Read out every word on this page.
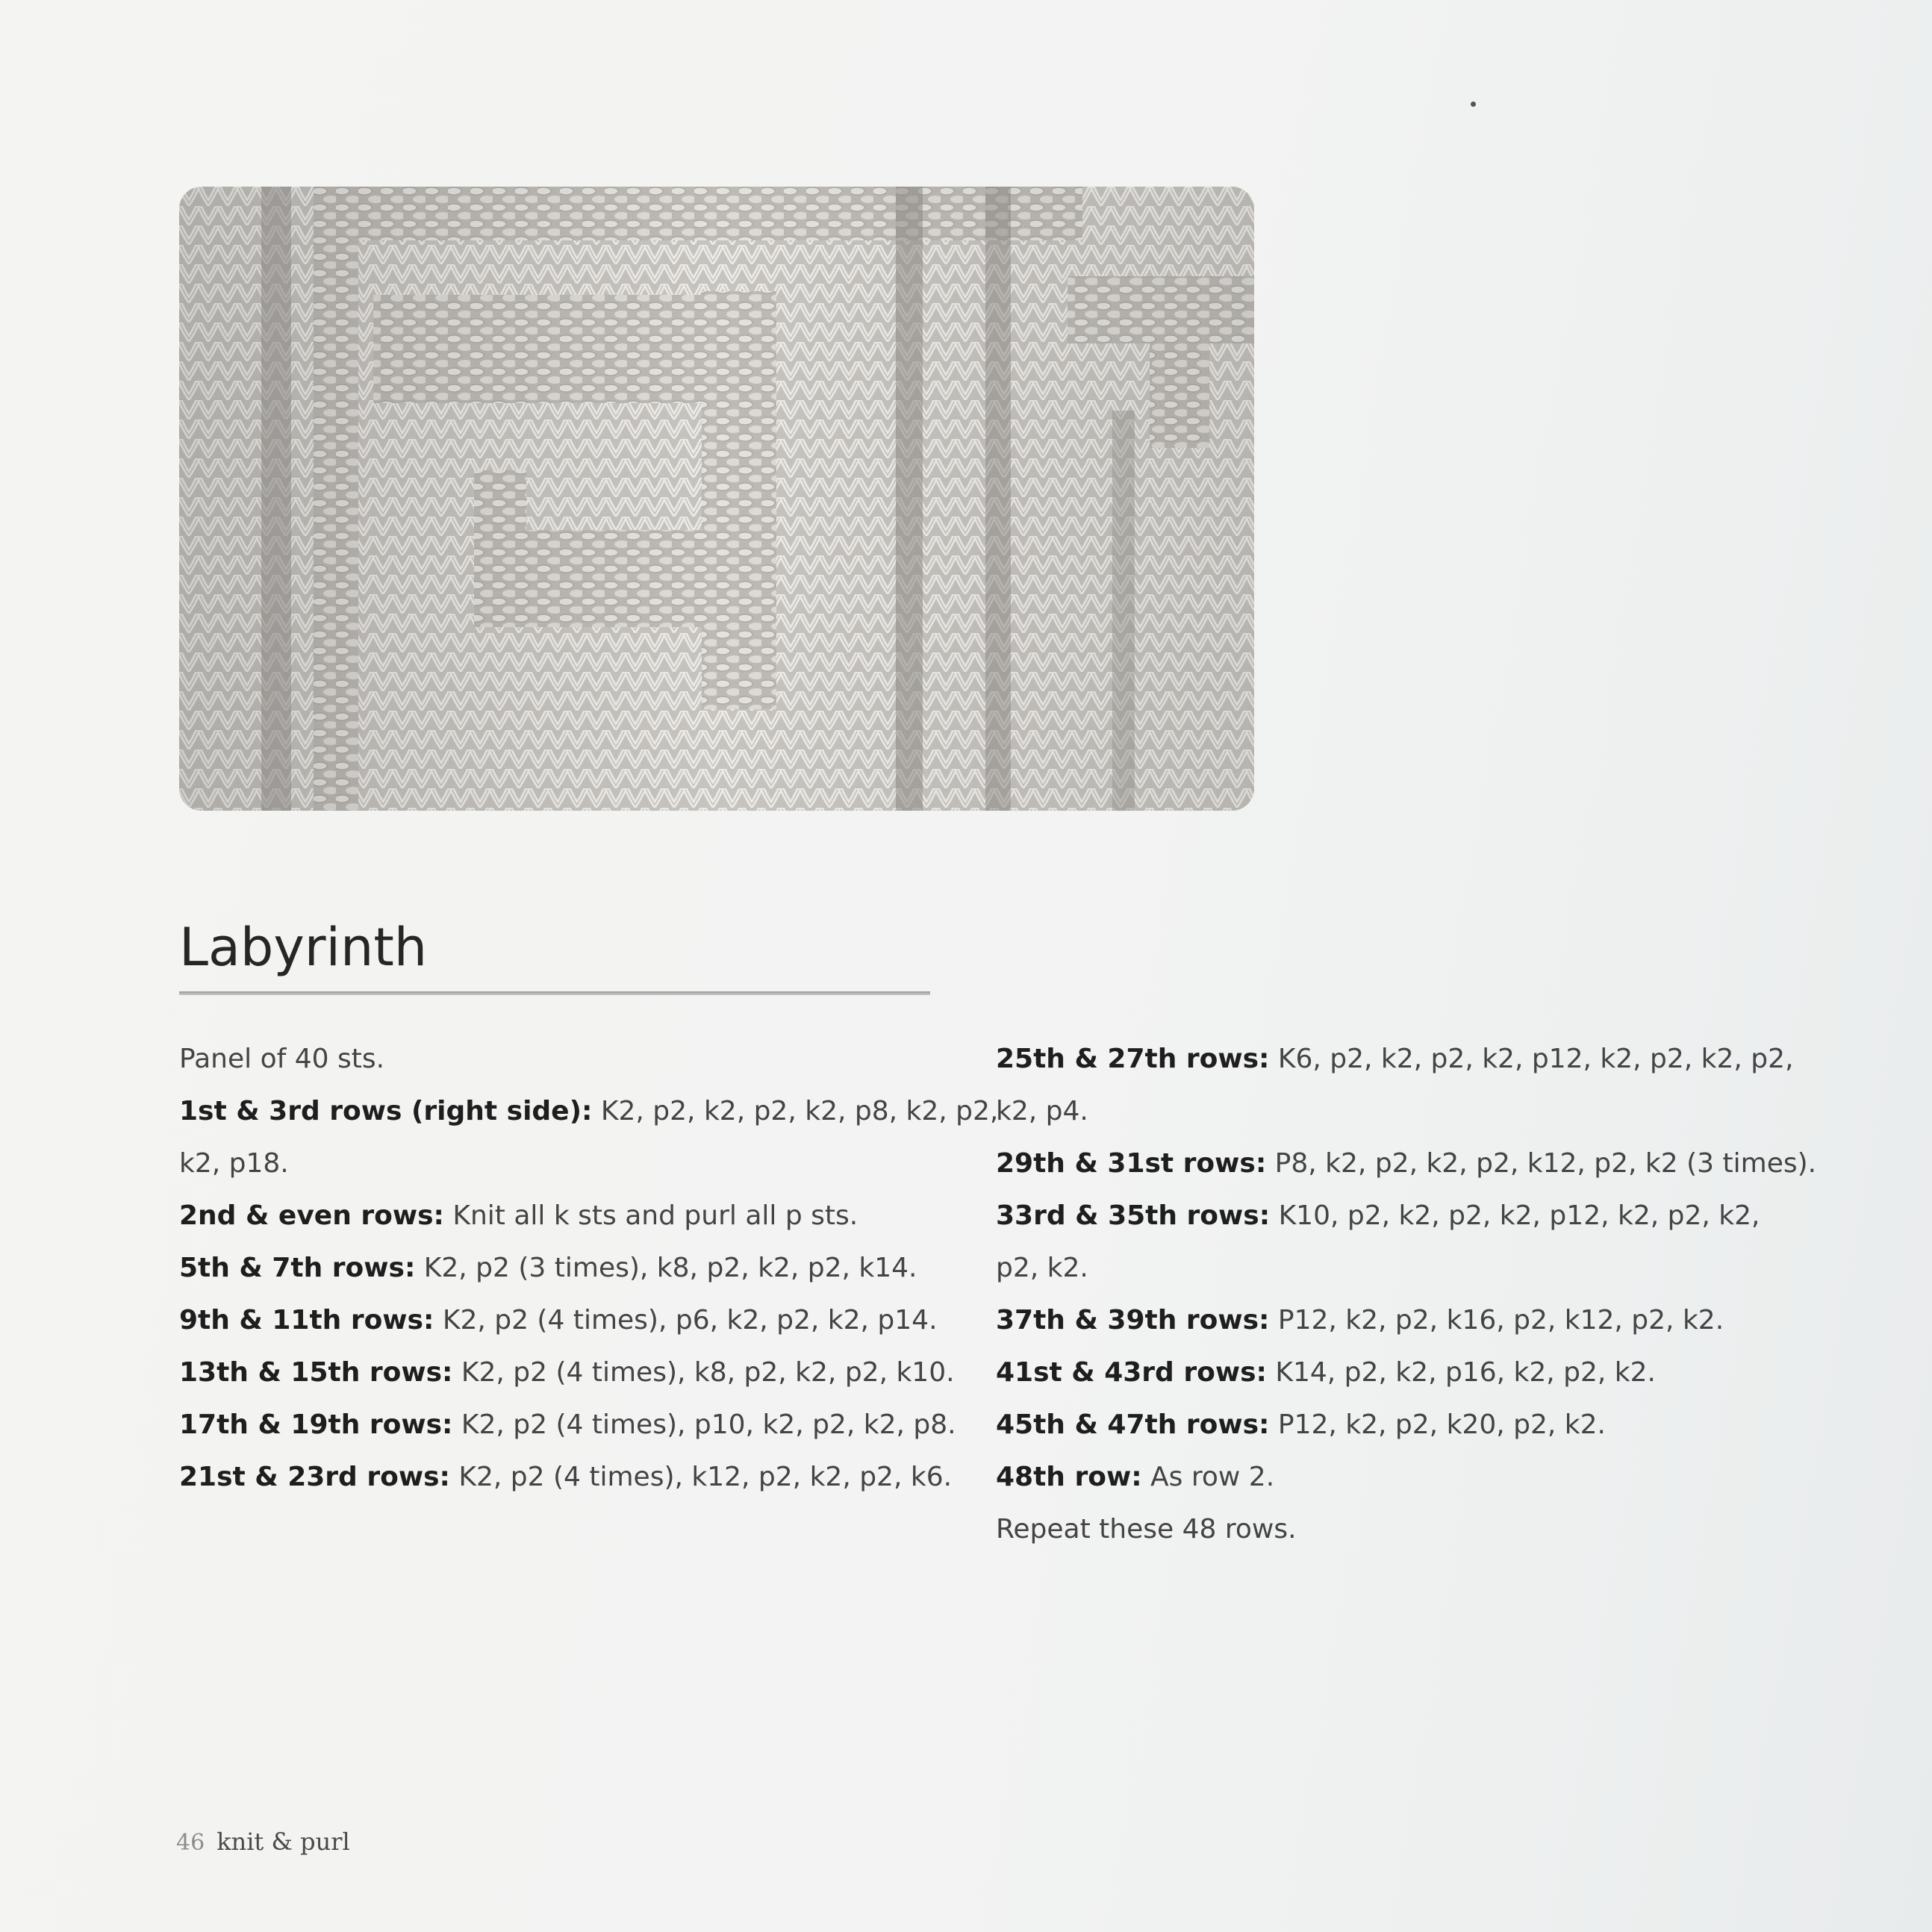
Labyrinth
Panel of 40 sts.
1st & 3rd rows (right side): K2, p2, k2, p2, k2, p8, k2, p2,
k2, p18.
2nd & even rows: Knit all k sts and purl all p sts.
5th & 7th rows: K2, p2 (3 times), k8, p2, k2, p2, k14.
9th & 11th rows: K2, p2 (4 times), p6, k2, p2, k2, p14.
13th & 15th rows: K2, p2 (4 times), k8, p2, k2, p2, k10.
17th & 19th rows: K2, p2 (4 times), p10, k2, p2, k2, p8.
21st & 23rd rows: K2, p2 (4 times), k12, p2, k2, p2, k6.
25th & 27th rows: K6, p2, k2, p2, k2, p12, k2, p2, k2, p2,
k2, p4.
29th & 31st rows: P8, k2, p2, k2, p2, k12, p2, k2 (3 times).
33rd & 35th rows: K10, p2, k2, p2, k2, p12, k2, p2, k2,
p2, k2.
37th & 39th rows: P12, k2, p2, k16, p2, k12, p2, k2.
41st & 43rd rows: K14, p2, k2, p16, k2, p2, k2.
45th & 47th rows: P12, k2, p2, k20, p2, k2.
48th row: As row 2.
Repeat these 48 rows.
46 knit & purl
